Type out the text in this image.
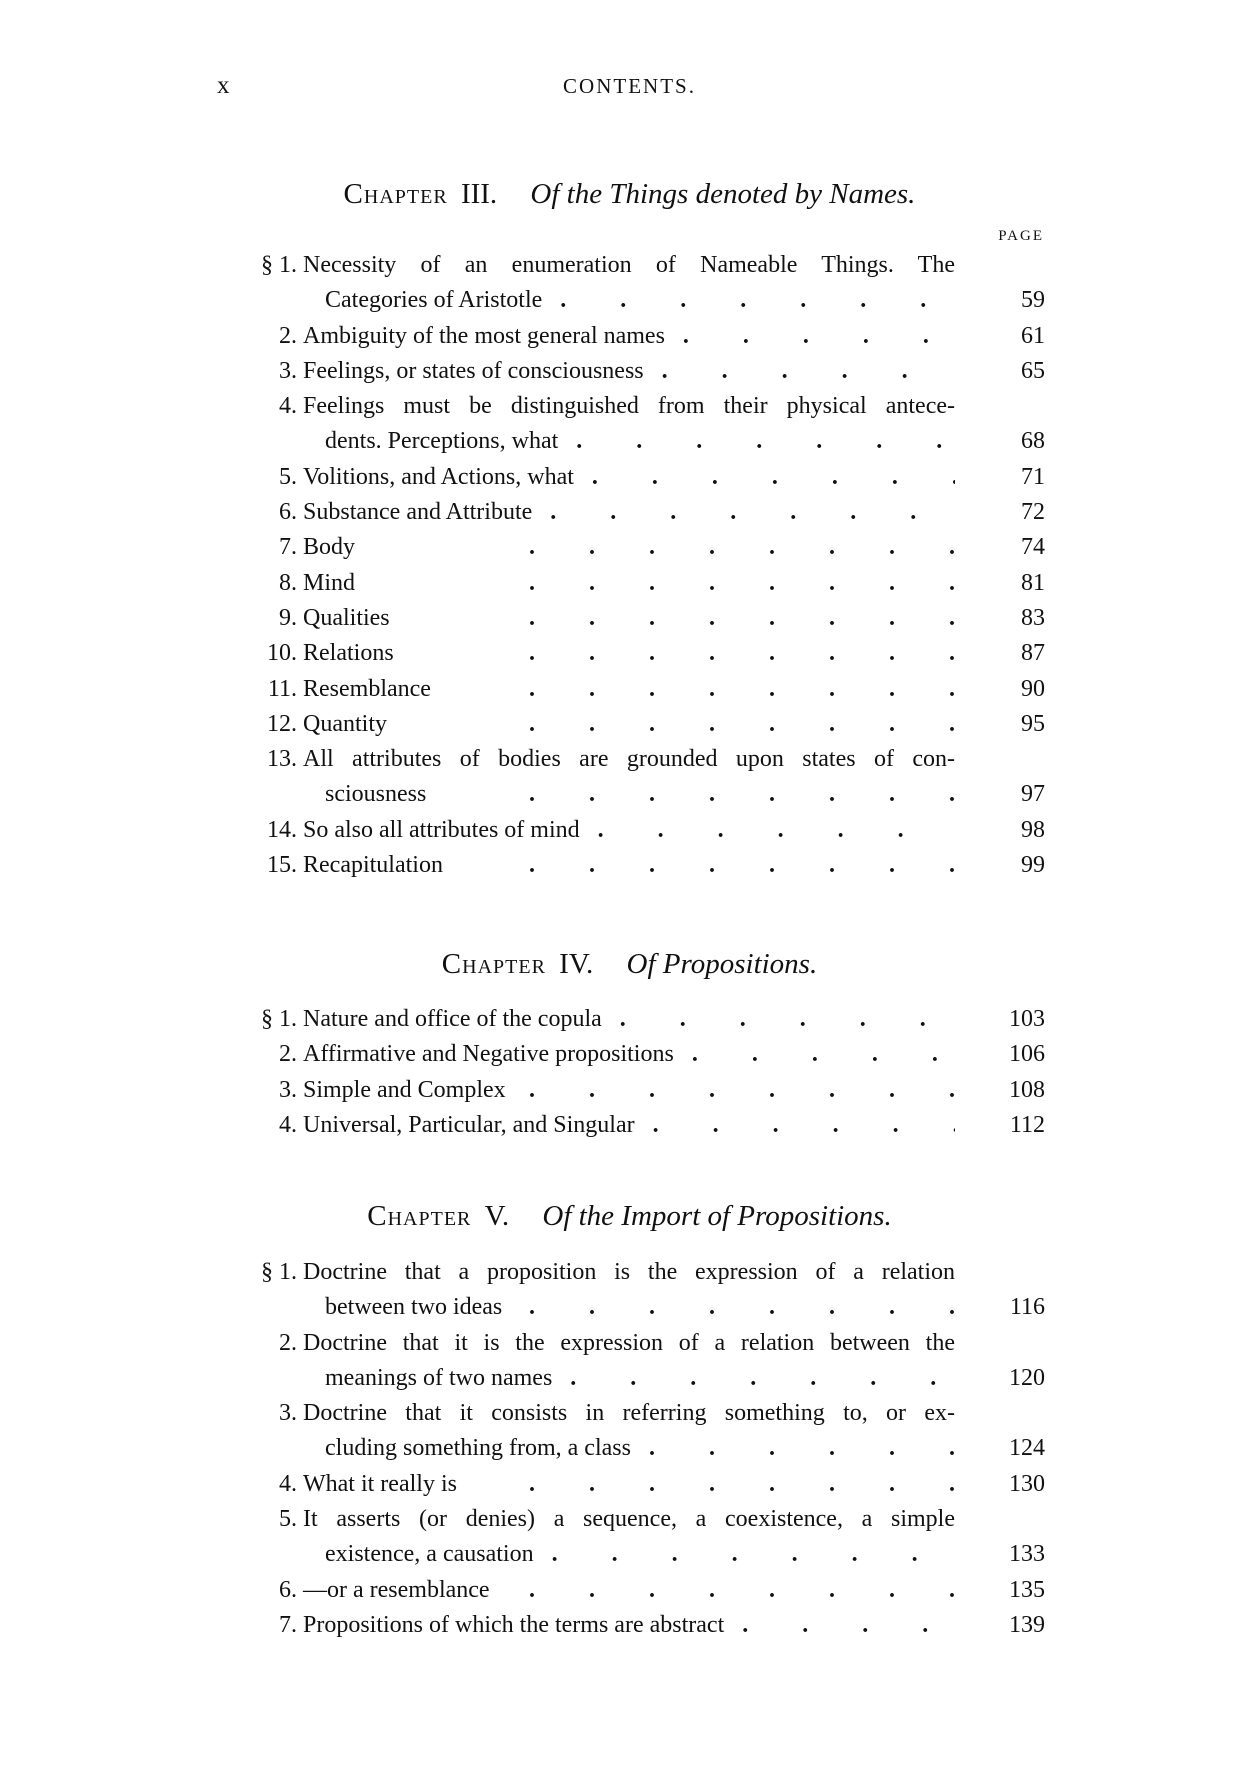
x	CONTENTS.
Chapter III. Of the Things denoted by Names.
PAGE
§ 1. Necessity of an enumeration of Nameable Things. The
.
Categories of Aristotle	59
2. . Ambiguity of the most general names	61
3. . Feelings, or states of consciousness	65
4. Feelings must be distinguished from their physical antece-
.
dents. Perceptions, what	68
5. . Volitions, and Actions, what	71
6. . Substance and Attribute	72
7. . Body	74
8. . Mind	81
9. . Qualities	83
10. . Relations	87
11. . Resemblance	90
12. . Quantity	95
13. All attributes of bodies are grounded upon states of con-
.
sciousness	97
14. . So also all attributes of mind	98
15. . Recapitulation	99
Chapter IV. Of Propositions.
§ 1. . Nature and office of the copula	103
2. . Affirmative and Negative propositions	106
3. . Simple and Complex	108
4. . Universal, Particular, and Singular	112
Chapter V. Of the Import of Propositions.
§ 1. Doctrine that a proposition is the expression of a relation
.
between two ideas	116
2. Doctrine that it is the expression of a relation between the
.
meanings of two names	120
3. Doctrine that it consists in referring something to, or ex-
.
cluding something from, a class	124
4. . What it really is	130
5. It asserts (or denies) a sequence, a coexistence, a simple
.
existence, a causation	133
6. . —or a resemblance	135
7. . Propositions of which the terms are abstract	139
